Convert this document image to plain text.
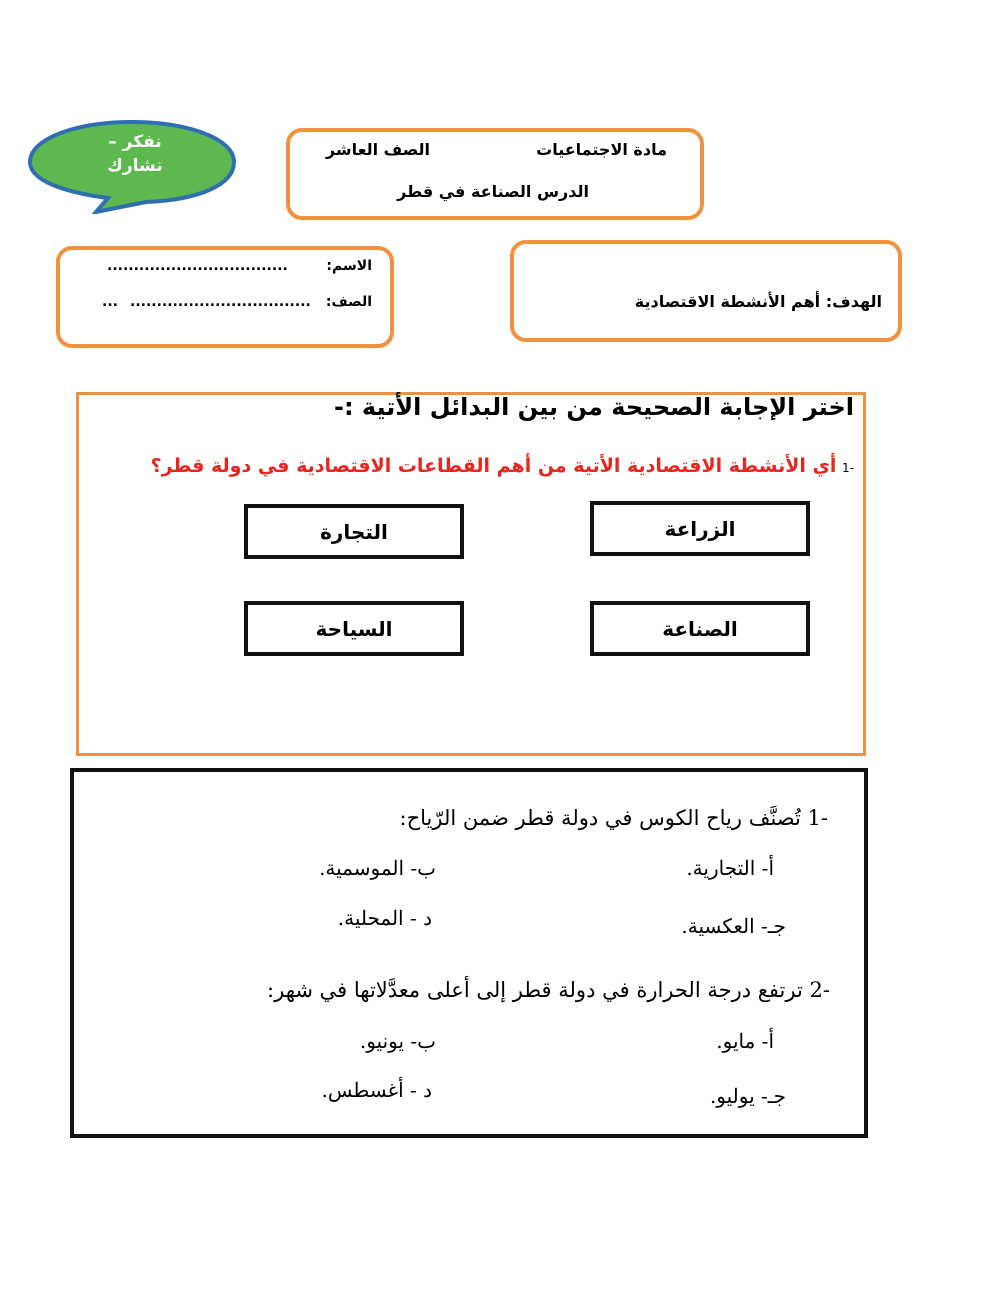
نفكر –
نشارك
مادة الاجتماعيات
الصف العاشر
الدرس الصناعة في قطر
الاسم:
..................................
الصف:
..................................
...	الهدف: أهم الأنشطة الاقتصادية
اختر الإجابة الصحيحة من بين البدائل الأتية :-
-1 أي الأنشطة الاقتصادية الأتية من أهم القطاعات الاقتصادية في دولة قطر؟
الزراعة
التجارة
الصناعة
السياحة
-1 تُصنَّف رياح الكوس في دولة قطر ضمن الرّياح:
أ- التجارية.
ب- الموسمية.
جـ- العكسية.
د - المحلية.
-2 ترتفع درجة الحرارة في دولة قطر إلى أعلى معدَّلاتها في شهر:
أ- مايو.
ب- يونيو.
جـ- يوليو.
د - أغسطس.
